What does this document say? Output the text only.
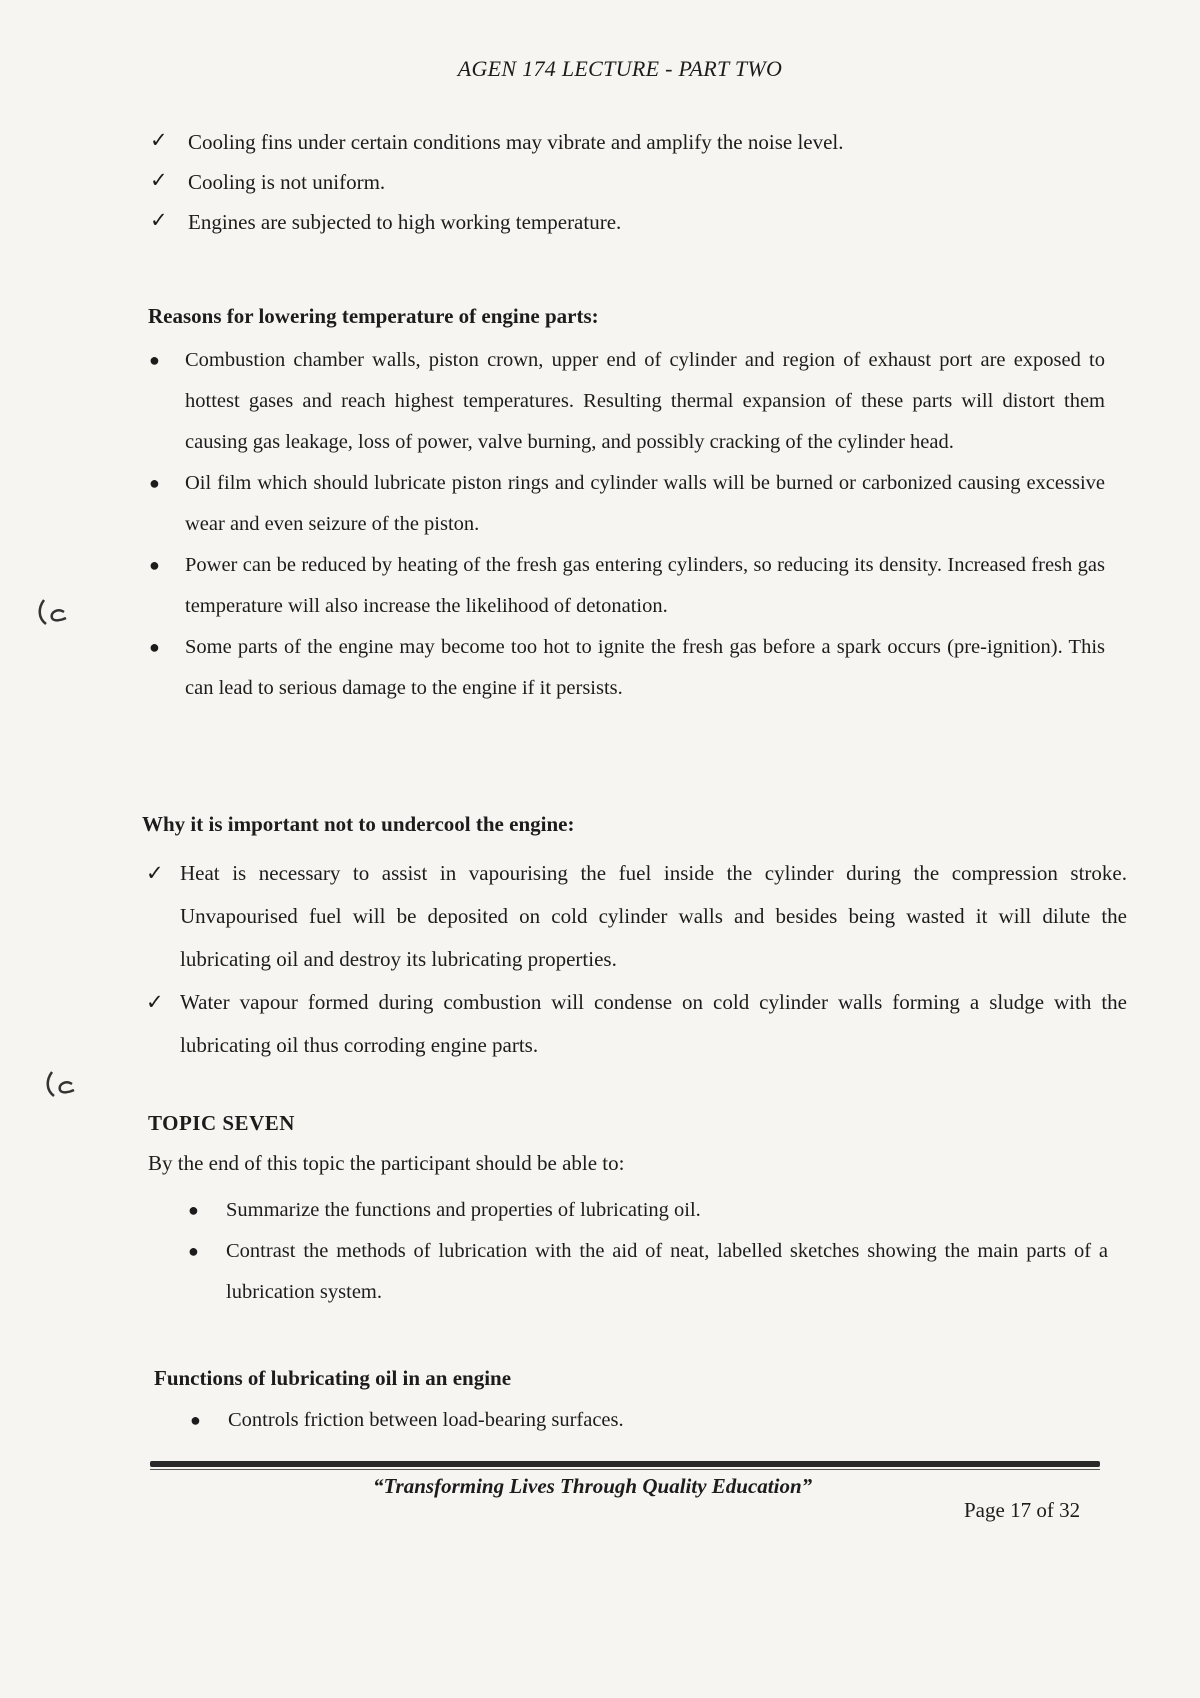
AGEN 174 LECTURE - PART TWO
✓ Cooling fins under certain conditions may vibrate and amplify the noise level.
✓ Cooling is not uniform.
✓ Engines are subjected to high working temperature.
Reasons for lowering temperature of engine parts:
● Combustion chamber walls, piston crown, upper end of cylinder and region of exhaust port are exposed to hottest gases and reach highest temperatures. Resulting thermal expansion of these parts will distort them causing gas leakage, loss of power, valve burning, and possibly cracking of the cylinder head.
● Oil film which should lubricate piston rings and cylinder walls will be burned or carbonized causing excessive wear and even seizure of the piston.
● Power can be reduced by heating of the fresh gas entering cylinders, so reducing its density. Increased fresh gas temperature will also increase the likelihood of detonation.
● Some parts of the engine may become too hot to ignite the fresh gas before a spark occurs (pre-ignition). This can lead to serious damage to the engine if it persists.
Why it is important not to undercool the engine:
✓ Heat is necessary to assist in vapourising the fuel inside the cylinder during the compression stroke. Unvapourised fuel will be deposited on cold cylinder walls and besides being wasted it will dilute the lubricating oil and destroy its lubricating properties.
✓ Water vapour formed during combustion will condense on cold cylinder walls forming a sludge with the lubricating oil thus corroding engine parts.
TOPIC SEVEN
By the end of this topic the participant should be able to:
● Summarize the functions and properties of lubricating oil.
● Contrast the methods of lubrication with the aid of neat, labelled sketches showing the main parts of a lubrication system.
Functions of lubricating oil in an engine
● Controls friction between load-bearing surfaces.
“Transforming Lives Through Quality Education”
Page 17 of 32
